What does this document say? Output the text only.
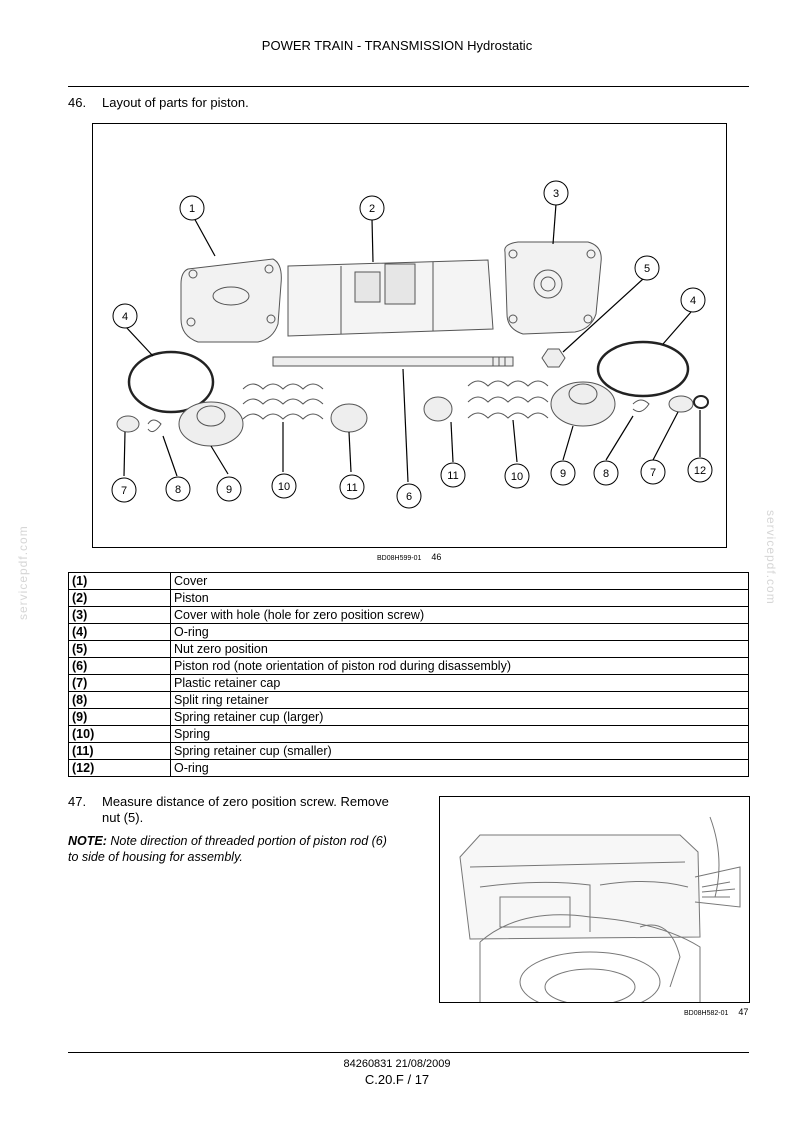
POWER TRAIN - TRANSMISSION Hydrostatic
46. Layout of parts for piston.
1	2
3
5
4
4
7	8	9	10	11
6
11	10	9	8	7	12
BD08H599-01 46
(1)	Cover
(2)	Piston
(3)	Cover with hole (hole for zero position screw)
(4)	O-ring
(5)	Nut zero position
(6)	Piston rod (note orientation of piston rod during disassembly)
(7)	Plastic retainer cap
(8)	Split ring retainer
(9)	Spring retainer cup (larger)
(10)	Spring
(11)	Spring retainer cup (smaller)
(12)	O-ring
47. Measure distance of zero position screw. Remove
nut (5).
NOTE: Note direction of threaded portion of piston rod (6)
to side of housing for assembly.
BD08H582-01 47
84260831 21/08/2009
C.20.F / 17
servicepdf.com	servicepdf.com
